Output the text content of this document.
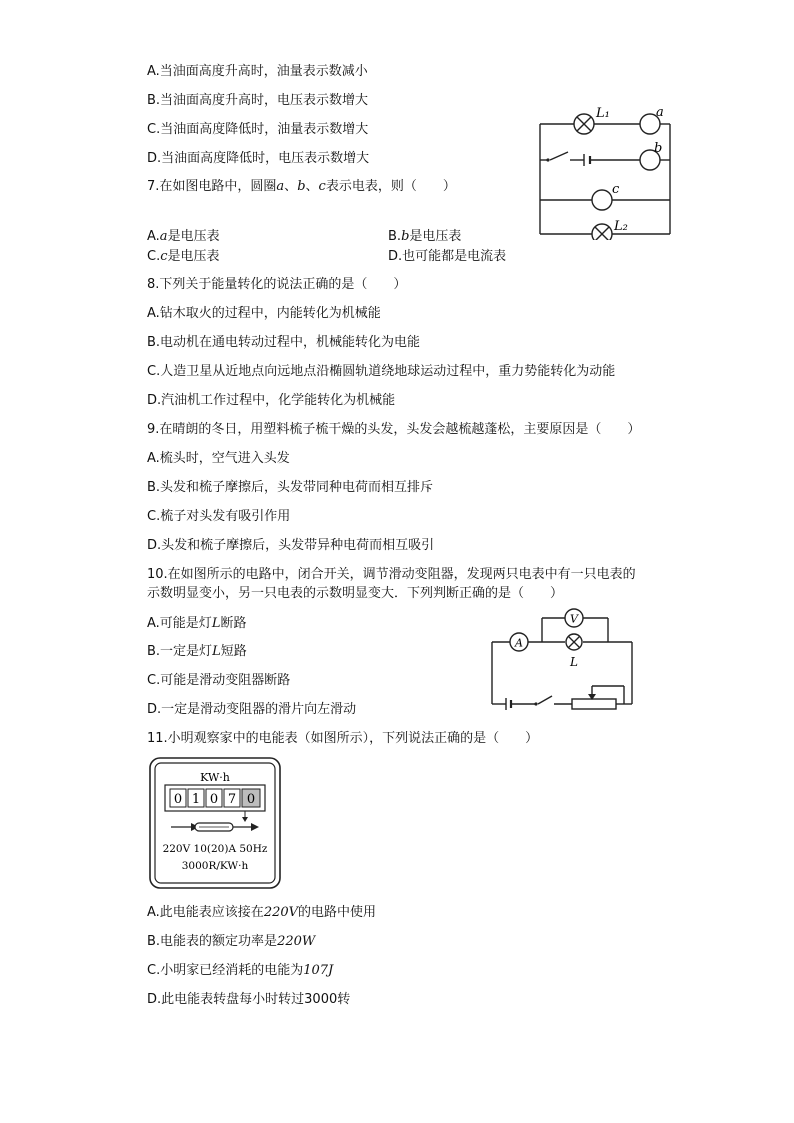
A.当油面高度升高时，油量表示数减小
B.当油面高度升高时，电压表示数增大
C.当油面高度降低时，油量表示数增大
D.当油面高度降低时，电压表示数增大
7.在如图电路中，圆圈a、b、c表示电表，则（　　）
A.a是电压表	B.b是电压表
C.c是电压表	D.也可能都是电流表
L₁	a
b
c
L₂
8.下列关于能量转化的说法正确的是（　　）
A.钻木取火的过程中，内能转化为机械能
B.电动机在通电转动过程中，机械能转化为电能
C.人造卫星从近地点向远地点沿椭圆轨道绕地球运动过程中，重力势能转化为动能
D.汽油机工作过程中，化学能转化为机械能
9.在晴朗的冬日，用塑料梳子梳干燥的头发，头发会越梳越蓬松，主要原因是（　　）
A.梳头时，空气进入头发
B.头发和梳子摩擦后，头发带同种电荷而相互排斥
C.梳子对头发有吸引作用
D.头发和梳子摩擦后，头发带异种电荷而相互吸引
10.在如图所示的电路中，闭合开关，调节滑动变阻器，发现两只电表中有一只电表的
示数明显变小，另一只电表的示数明显变大．下列判断正确的是（　　）
A.可能是灯L断路
B.一定是灯L短路
C.可能是滑动变阻器断路
D.一定是滑动变阻器的滑片向左滑动
A
V
L
11.小明观察家中的电能表（如图所示），下列说法正确的是（　　）
KW·h
0 1 0 7 0
220V 10(20)A 50Hz
3000R/KW·h
A.此电能表应该接在220V的电路中使用
B.电能表的额定功率是220W
C.小明家已经消耗的电能为107J
D.此电能表转盘每小时转过3000转
